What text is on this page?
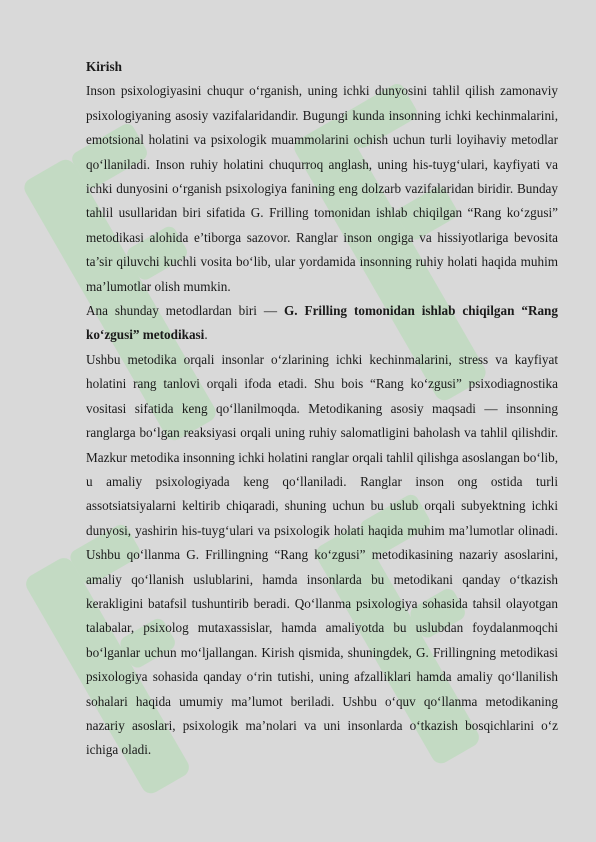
Kirish

Inson psixologiyasini chuqur o‘rganish, uning ichki dunyosini tahlil qilish zamonaviy psixologiyaning asosiy vazifalaridandir. Bugungi kunda insonning ichki kechinmalarini, emotsional holatini va psixologik muammolarini ochish uchun turli loyihaviy metodlar qo‘llaniladi. Inson ruhiy holatini chuqurroq anglash, uning his-tuyg‘ulari, kayfiyati va ichki dunyosini o‘rganish psixologiya fanining eng dolzarb vazifalaridan biridir. Bunday tahlil usullaridan biri sifatida G. Frilling tomonidan ishlab chiqilgan “Rang ko‘zgusi” metodikasi alohida e’tiborga sazovor. Ranglar inson ongiga va hissiyotlariga bevosita ta’sir qiluvchi kuchli vosita bo‘lib, ular yordamida insonning ruhiy holati haqida muhim ma’lumotlar olish mumkin.

Ana shunday metodlardan biri — G. Frilling tomonidan ishlab chiqilgan “Rang ko‘zgusi” metodikasi.

Ushbu metodika orqali insonlar o‘zlarining ichki kechinmalarini, stress va kayfiyat holatini rang tanlovi orqali ifoda etadi. Shu bois “Rang ko‘zgusi” psixodiagnostika vositasi sifatida keng qo‘llanilmoqda. Metodikaning asosiy maqsadi — insonning ranglarga bo‘lgan reaksiyasi orqali uning ruhiy salomatligini baholash va tahlil qilishdir. Mazkur metodika insonning ichki holatini ranglar orqali tahlil qilishga asoslangan bo‘lib, u amaliy psixologiyada keng qo‘llaniladi. Ranglar inson ong ostida turli assotsiatsiyalarni keltirib chiqaradi, shuning uchun bu uslub orqali subyektning ichki dunyosi, yashirin his-tuyg‘ulari va psixologik holati haqida muhim ma’lumotlar olinadi. Ushbu qo‘llanma G. Frillingning “Rang ko‘zgusi” metodikasining nazariy asoslarini, amaliy qo‘llanish uslublarini, hamda insonlarda bu metodikani qanday o‘tkazish kerakligini batafsil tushuntirib beradi. Qo‘llanma psixologiya sohasida tahsil olayotgan talabalar, psixolog mutaxassislar, hamda amaliyotda bu uslubdan foydalanmoqchi bo‘lganlar uchun mo‘ljallangan. Kirish qismida, shuningdek, G. Frillingning metodikasi psixologiya sohasida qanday o‘rin tutishi, uning afzalliklari hamda amaliy qo‘llanilish sohalari haqida umumiy ma’lumot beriladi. Ushbu o‘quv qo‘llanma metodikaning nazariy asoslari, psixologik ma’nolari va uni insonlarda o‘tkazish bosqichlarini o‘z ichiga oladi.
